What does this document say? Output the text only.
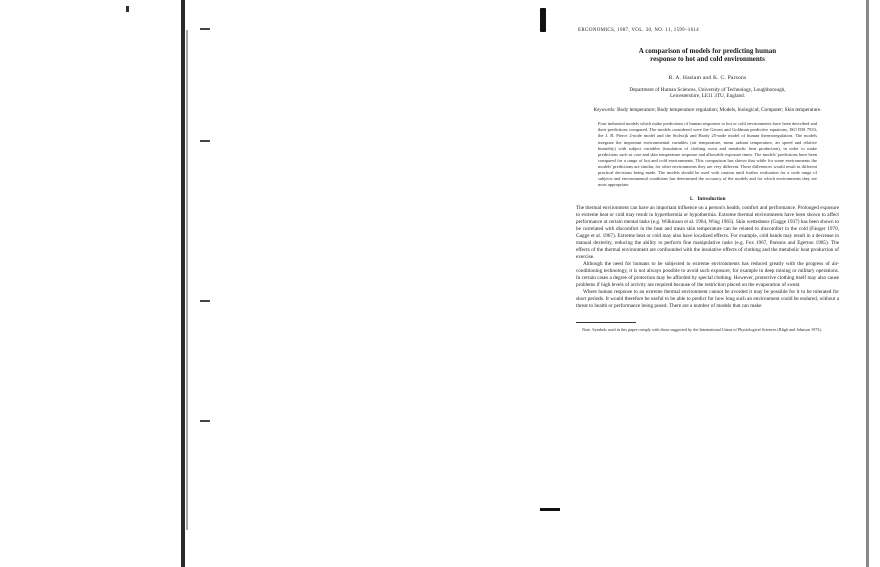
ERGONOMICS, 1987, VOL. 30, NO. 11, 1599–1614
A comparison of models for predicting human
response to hot and cold environments
R. A. Haslam and K. C. Parsons
Department of Human Sciences, University of Technology, Loughborough,
Leicestershire, LE11 3TU, England.
Keywords: Body temperature; Body temperature regulation; Models, biological; Computer; Skin temperature.
Four industrial models which make predictions of human responses to hot or cold environments have been described and their predictions compared. The models considered were the Givoni and Goldman predictive equations, ISO DIS 7933, the J. B. Pierce 2-node model and the Stolwijk and Hardy 25-node model of human thermoregulation. The models integrate the important environmental variables (air temperature, mean radiant temperature, air speed and relative humidity) with subject variables (insulation of clothing worn and metabolic heat production), in order to make predictions such as core and skin temperature response and allowable exposure times. The models' predictions have been compared for a range of hot and cold environments. This comparison has shown that while for some environments the models' predictions are similar, for other environments they are very different. These differences would result in different practical decisions being made. The models should be used with caution until further evaluation for a wide range of subjects and environmental conditions has determined the accuracy of the models and for which environments they are most appropriate.
1. Introduction

The thermal environment can have an important influence on a person's health, comfort and performance. Prolonged exposure to extreme heat or cold may result in hyperthermia or hypothermia. Extreme thermal environments have been shown to affect performance at certain mental tasks (e.g. Wilkinson et al. 1964, Wing 1965). Skin wettedness (Gagge 1937) has been shown to be correlated with discomfort in the heat and mean skin temperature can be related to discomfort in the cold (Fanger 1970, Gagge et al. 1967). Extreme heat or cold may also have localized effects. For example, cold hands may result in a decrease in manual dexterity, reducing the ability to perform fine manipulative tasks (e.g. Fox 1967, Parsons and Egerton 1985). The effects of the thermal environment are confounded with the insulative effects of clothing and the metabolic heat production of exercise.

Although the need for humans to be subjected to extreme environments has reduced greatly with the progress of air-conditioning technology, it is not always possible to avoid such exposure, for example in deep mining or military operations. In certain cases a degree of protection may be afforded by special clothing. However, protective clothing itself may also cause problems if high levels of activity are required because of the restriction placed on the evaporation of sweat.

Where human response to an extreme thermal environment cannot be avoided it may be possible for it to be tolerated for short periods. It would therefore be useful to be able to predict for how long such an environment could be endured, without a threat to health or performance being posed. There are a number of models that can make

Note. Symbols used in this paper comply with those suggested by the International Union of Physiological Sciences (Bligh and Johnson 1973).
